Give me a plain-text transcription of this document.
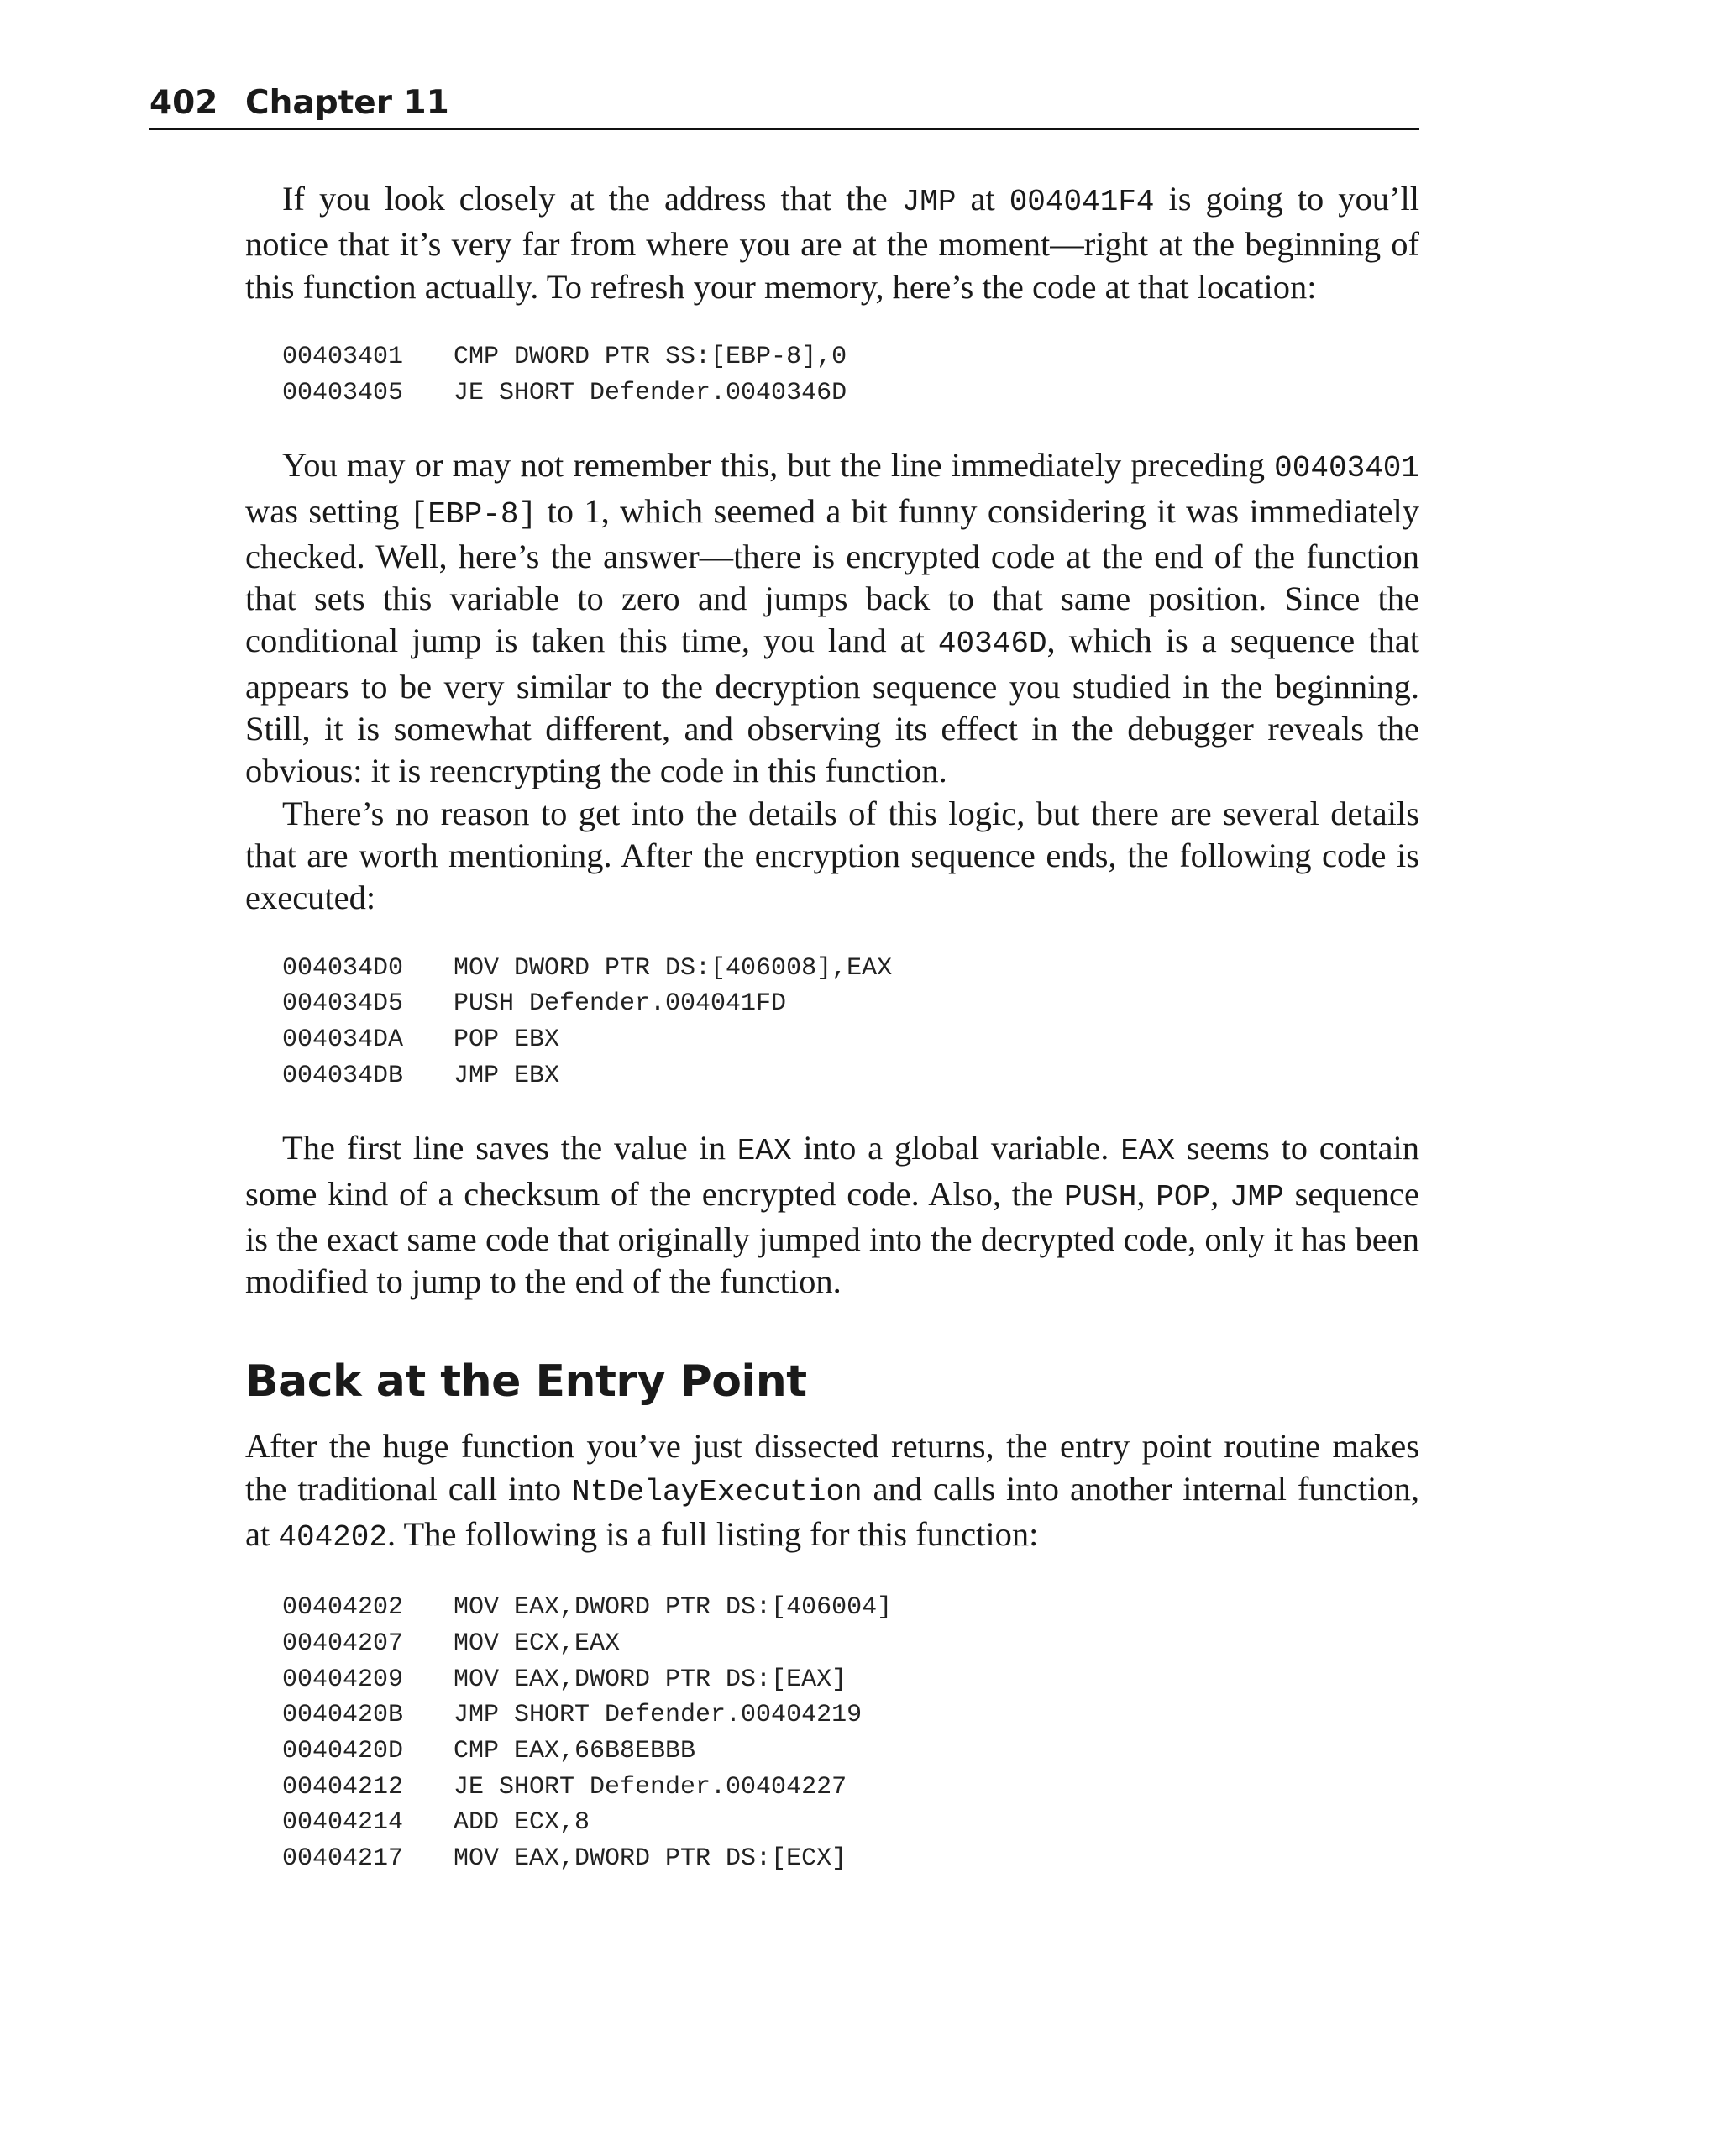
402 Chapter 11

If you look closely at the address that the JMP at 004041F4 is going to you’ll notice that it’s very far from where you are at the moment—right at the beginning of this function actually. To refresh your memory, here’s the code at that location:

00403401 CMP DWORD PTR SS:[EBP-8],0
00403405 JE SHORT Defender.0040346D

You may or may not remember this, but the line immediately preceding 00403401 was setting [EBP-8] to 1, which seemed a bit funny considering it was immediately checked. Well, here’s the answer—there is encrypted code at the end of the function that sets this variable to zero and jumps back to that same position. Since the conditional jump is taken this time, you land at 40346D, which is a sequence that appears to be very similar to the decryption sequence you studied in the beginning. Still, it is somewhat different, and observing its effect in the debugger reveals the obvious: it is reencrypting the code in this function.

There’s no reason to get into the details of this logic, but there are several details that are worth mentioning. After the encryption sequence ends, the following code is executed:

004034D0 MOV DWORD PTR DS:[406008],EAX
004034D5 PUSH Defender.004041FD
004034DA POP EBX
004034DB JMP EBX

The first line saves the value in EAX into a global variable. EAX seems to contain some kind of a checksum of the encrypted code. Also, the PUSH, POP, JMP sequence is the exact same code that originally jumped into the decrypted code, only it has been modified to jump to the end of the function.

Back at the Entry Point

After the huge function you’ve just dissected returns, the entry point routine makes the traditional call into NtDelayExecution and calls into another internal function, at 404202. The following is a full listing for this function:

00404202 MOV EAX,DWORD PTR DS:[406004]
00404207 MOV ECX,EAX
00404209 MOV EAX,DWORD PTR DS:[EAX]
0040420B JMP SHORT Defender.00404219
0040420D CMP EAX,66B8EBBB
00404212 JE SHORT Defender.00404227
00404214 ADD ECX,8
00404217 MOV EAX,DWORD PTR DS:[ECX]
